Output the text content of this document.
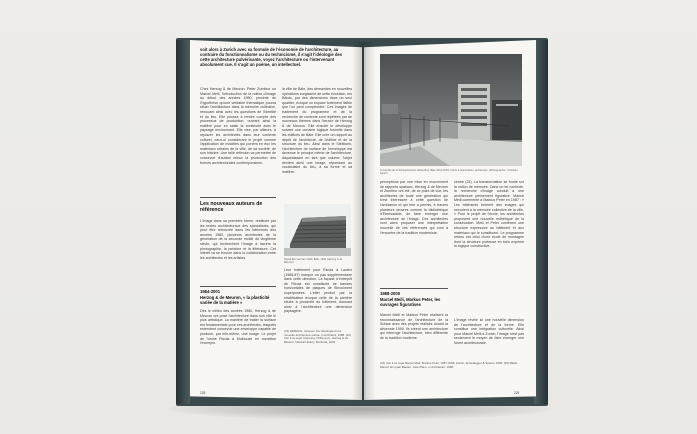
soit alors à Zurich avec sa formule de l'économie de l'architecture, au contraire du fonctionnalisme ou du technicisme, il s'agit l'idéologie des cette architecture pulvérisante, voyez l'architecture ou l'intervenant absolument cue. Il s'agit un poème, un intellectuel.
Chez Herzog & de Meuron, Peter Zumthor ou Marcel Meili, l'introduction de la notion d'image au début des années 1980, procède de l'hypothèse qu'une véritable thématique pourra situer l'architecture dans la mémoire collective, renouant ainsi avec les questions de l'identité et du lieu. Elle pousse à rendre compte des processus de production, ouvrant ainsi la matière pour en saisir la continuité avec le paysage environnant. Elle vise, par ailleurs, à replacer les architectes dans leur contexte culturel, ceux-ci considérant le projet comme l'application de modèles qui portent en eux les matériaux urbains de la ville, de sa société, de son histoire. Une telle réflexion va permettre de concevoir d'autant mieux la production des formes architecturales contemporaines.
la ville de Bâle, des demandes en nouvelles opérations surgissent de cette évolution, les Bâlois, par des dimensions dans un seul quartier, évoque un espace fortement lisible que l'on peut comprendre. Ces images de traitement du programme et de la recherche de contexte sont répétées par de nouveaux thèmes dans l'œuvre de Herzog & de Meuron. Elle ensuite le développe suivant une certaine logique formelle dans les édifices de Bâle. Elle crée un rapport au dépôt de l'architecte, de l'édifice et de la structure du lieu. Ainsi dans le Stellwerk, l'architecture de surface de l'enveloppe est devenue le principe même de l'architecture, disparaissant en tant que volume, l'objet devient ainsi une image, répondant au vocabulaire du lieu, à sa forme et sa matière.
Les nouveaux auteurs de référence
L'image dans sa première forme, restituée par les textes architecturaux des spécialistes, qui peut être retrouvée dans les bâtiments des années 1980, plusieurs architectes de la génération de la seconde moitié du vingtième siècle, qui recherchent l'image à travers la photographie, la peinture et la littérature. Cet intérêt va se trouver dans la collaboration entre les architectes et les artistes.
1984-2001
Herzog & de Meuron, « la plasticité variée de la matière »
Dès le milieu des années 1980, Herzog & de Meuron ont posé l'architecture dans son rôle le plus artistique. La manière de traiter la surface est fondamentale pour ces architectes, lesquels entendent concevoir une enveloppe capable de produire, par elle-même, une image. Le projet de l'usine Ricola à Mulhouse en constitue l'exemple.
Signal Box auf dem Wolf, Bâle, 1994 (Herzog & de Meuron)
Leur traitement pour Ricola à Laufen (1986-87) marque un pas supplémentaire dans cette direction. La façade d'entrepôt de Ricola est constituée de bandes horizontales de plaques de fibrociment superposées. L'effet produit par la stratification évoque celle de la carrière située à proximité du bâtiment, donnant ainsi à l'architecture une dimension paysagère.
(22) HERZOG, Jacques, De l'idéologie d'une nouvelle architecture suisse, in Architécti, 1988. (23) Voir à ce sujet Ursprung, Philip (ed.), Herzog & de Meuron. Natural History, Montréal, 2002.
228
Immeuble de la Schweizerische Winterthur, Bâle 2001-2003, Christ & Gantenbein, architectes. (Photographie : Christian Kerez)
perceptions par une mise en mouvement de rapports spatiaux. Herzog & de Meuron et Zumthor ont été, de ce point de vue, les architectes de toute une génération qui s'est intéressée à cette question de l'ambiance et qui leur a permis, à travers plusieurs œuvres comme la bibliothèque d'Eberswalde, de faire émerger une architecture de l'image. Ces architectes vont alors proposer une interprétation nouvelle de ces références qui vont à l'encontre de la tradition moderniste.
1988-2000
Marcel Meili, Markus Peter, les ouvrages figuratives
Marcel Meili et Markus Peter réalisent la reconnaissance de l'architecture de la Suisse avec des projets réalisés durant la décennie 1990. Ils créent une architecture qui interroge l'architecture, bien différente de la tradition moderne.
centre (24). La transformation se fonde sur la notion de mémoire. Dans un tel contexte, la recherche d'image conduit à une architecture pleinement figurative. Marcel Meili commente à Markus Peter en 1987 : « Les bâtiments forment des images qui renvoient à la mémoire collective de la ville. » Pour le projet de l'école, les architectes proposent une nouvelle esthétique de la construction. Meili et Peter confèrent une structure expressive au bâtiment et aux matériaux qui le constituent. Le programme retenu est celui d'une école de montagne dont la structure porteuse en bois exprime la logique constructive.
L'image révèle ici une nouvelle dimension de l'architecture et de la forme. Elle constitue une intégration culturelle. Ainsi pour Marcel Meili à Zurich, l'image n'est pas seulement le moyen de faire émerger une forme architecturale.
(24) Voir à ce sujet Marcel Meili, Markus Peter, 1987-2008, Zurich, Scheidegger & Spiess, 2008. (25) MEILI, Marcel, Ein paar Bauten, viele Pläne, in Architektur, 1998.
229
